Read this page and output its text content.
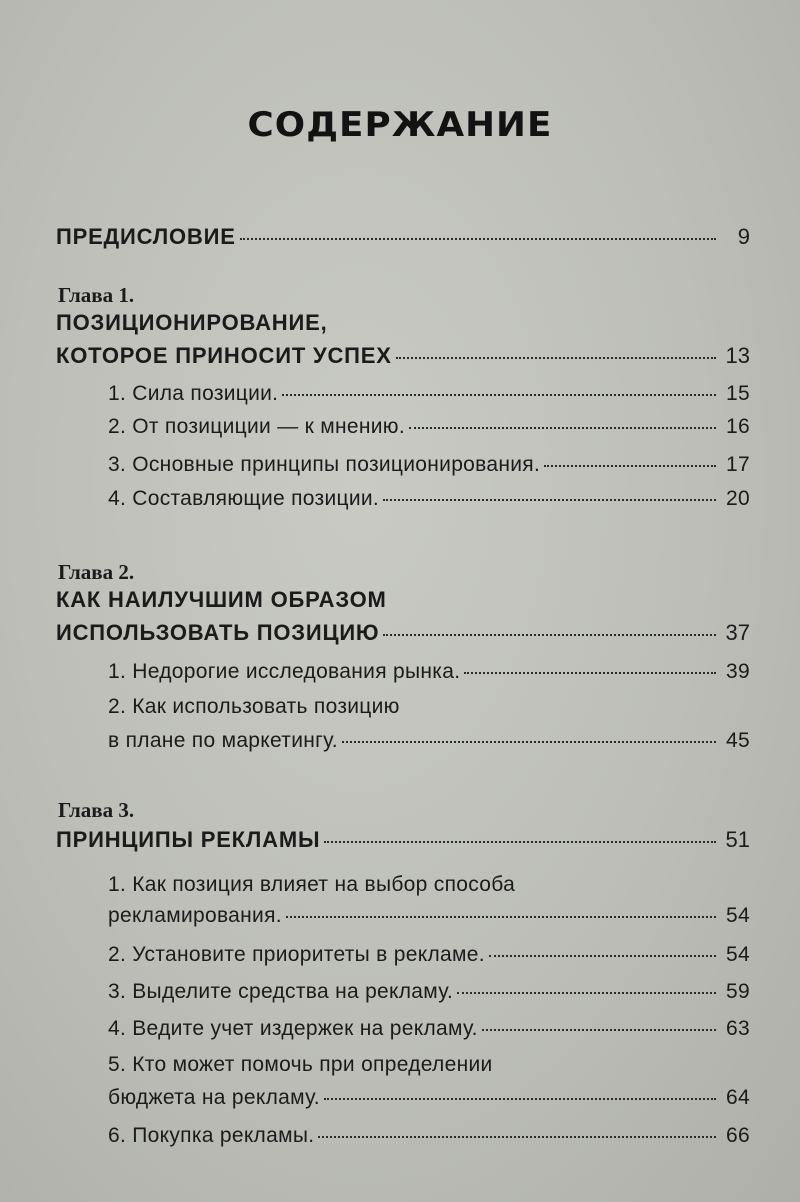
СОДЕРЖАНИЕ
ПРЕДИСЛОВИЕ	9
Глава 1.
ПОЗИЦИОНИРОВАНИЕ,
КОТОРОЕ ПРИНОСИТ УСПЕХ	13
1. Сила позиции.	15
2. От позициции — к мнению.	16
3. Основные принципы позиционирования.	17
4. Составляющие позиции.	20
Глава 2.
КАК НАИЛУЧШИМ ОБРАЗОМ
ИСПОЛЬЗОВАТЬ ПОЗИЦИЮ	37
1. Недорогие исследования рынка.	39
2. Как использовать позицию
в плане по маркетингу.	45
Глава 3.
ПРИНЦИПЫ РЕКЛАМЫ	51
1. Как позиция влияет на выбор способа
рекламирования.	54
2. Установите приоритеты в рекламе.	54
3. Выделите средства на рекламу.	59
4. Ведите учет издержек на рекламу.	63
5. Кто может помочь при определении
бюджета на рекламу.	64
6. Покупка рекламы.	66
